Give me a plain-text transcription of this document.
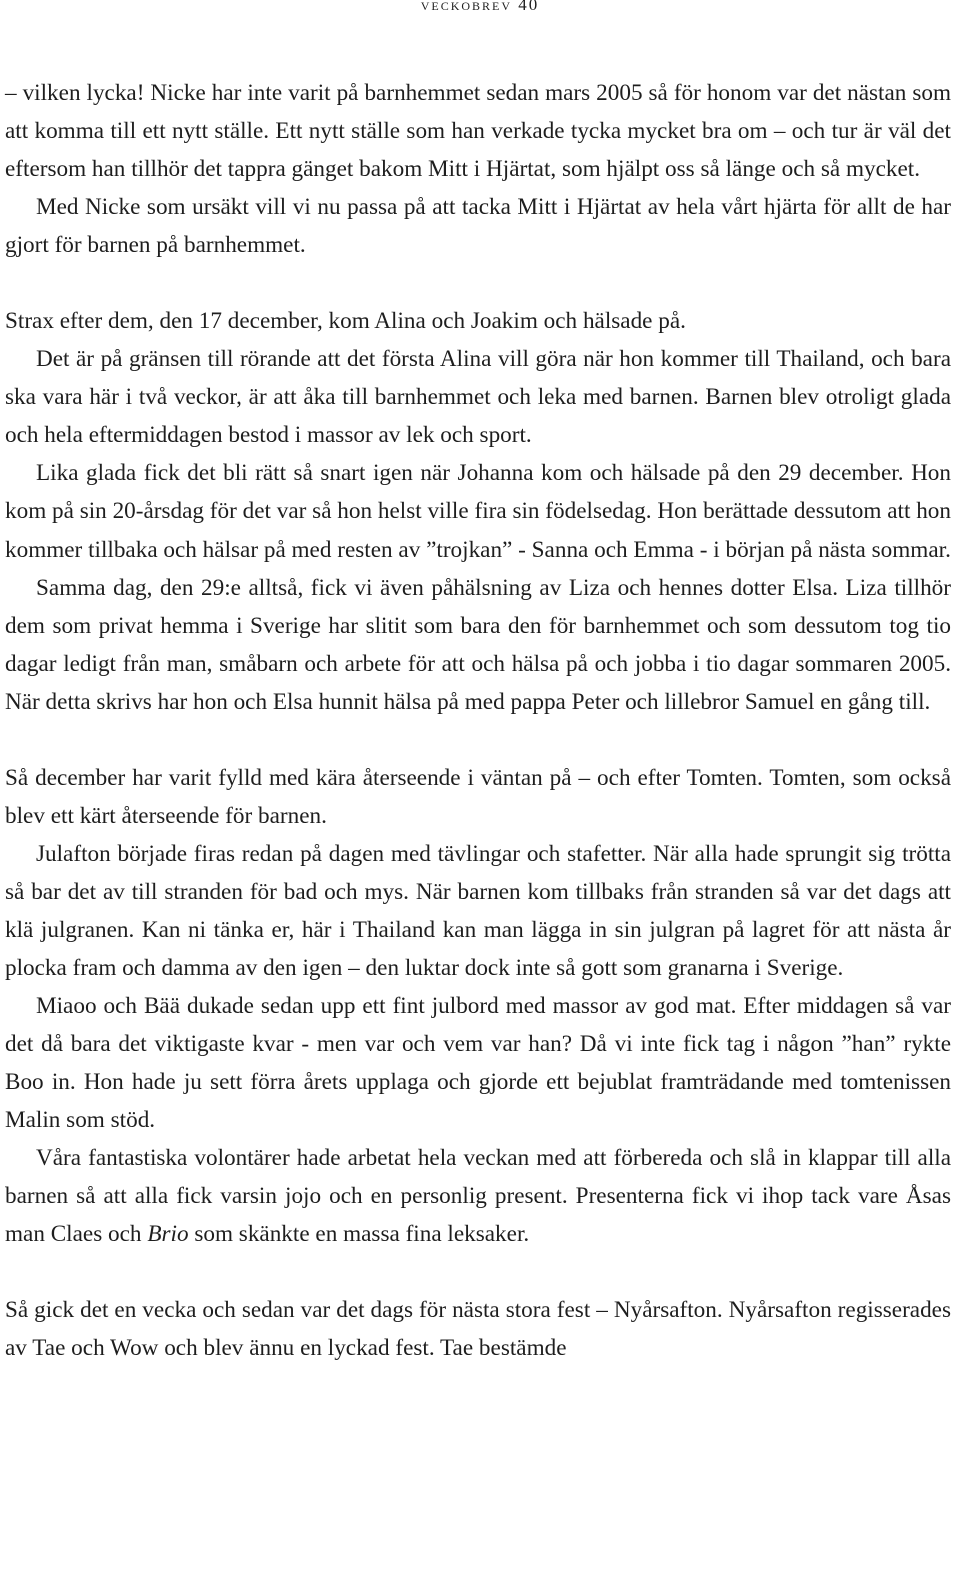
veckobrev 40

– vilken lycka! Nicke har inte varit på barnhemmet sedan mars 2005 så för honom var det nästan som att komma till ett nytt ställe. Ett nytt ställe som han verkade tycka mycket bra om – och tur är väl det eftersom han tillhör det tappra gänget bakom Mitt i Hjärtat, som hjälpt oss så länge och så mycket.

Med Nicke som ursäkt vill vi nu passa på att tacka Mitt i Hjärtat av hela vårt hjärta för allt de har gjort för barnen på barnhemmet.

Strax efter dem, den 17 december, kom Alina och Joakim och hälsade på.

Det är på gränsen till rörande att det första Alina vill göra när hon kommer till Thailand, och bara ska vara här i två veckor, är att åka till barnhemmet och leka med barnen. Barnen blev otroligt glada och hela eftermiddagen bestod i massor av lek och sport.

Lika glada fick det bli rätt så snart igen när Johanna kom och hälsade på den 29 december. Hon kom på sin 20-årsdag för det var så hon helst ville fira sin födelsedag. Hon berättade dessutom att hon kommer tillbaka och hälsar på med resten av ”trojkan” - Sanna och Emma - i början på nästa sommar.

Samma dag, den 29:e alltså, fick vi även påhälsning av Liza och hennes dotter Elsa. Liza tillhör dem som privat hemma i Sverige har slitit som bara den för barnhemmet och som dessutom tog tio dagar ledigt från man, småbarn och arbete för att och hälsa på och jobba i tio dagar sommaren 2005. När detta skrivs har hon och Elsa hunnit hälsa på med pappa Peter och lillebror Samuel en gång till.

Så december har varit fylld med kära återseende i väntan på – och efter Tomten. Tomten, som också blev ett kärt återseende för barnen.

Julafton började firas redan på dagen med tävlingar och stafetter. När alla hade sprungit sig trötta så bar det av till stranden för bad och mys. När barnen kom tillbaks från stranden så var det dags att klä julgranen. Kan ni tänka er, här i Thailand kan man lägga in sin julgran på lagret för att nästa år plocka fram och damma av den igen – den luktar dock inte så gott som granarna i Sverige.

Miaoo och Bää dukade sedan upp ett fint julbord med massor av god mat. Efter middagen så var det då bara det viktigaste kvar - men var och vem var han? Då vi inte fick tag i någon ”han” rykte Boo in. Hon hade ju sett förra årets upplaga och gjorde ett bejublat framträdande med tomtenissen Malin som stöd.

Våra fantastiska volontärer hade arbetat hela veckan med att förbereda och slå in klappar till alla barnen så att alla fick varsin jojo och en personlig present. Presenterna fick vi ihop tack vare Åsas man Claes och Brio som skänkte en massa fina leksaker.

Så gick det en vecka och sedan var det dags för nästa stora fest – Nyårsafton. Nyårsafton regisserades av Tae och Wow och blev ännu en lyckad fest. Tae bestämde
